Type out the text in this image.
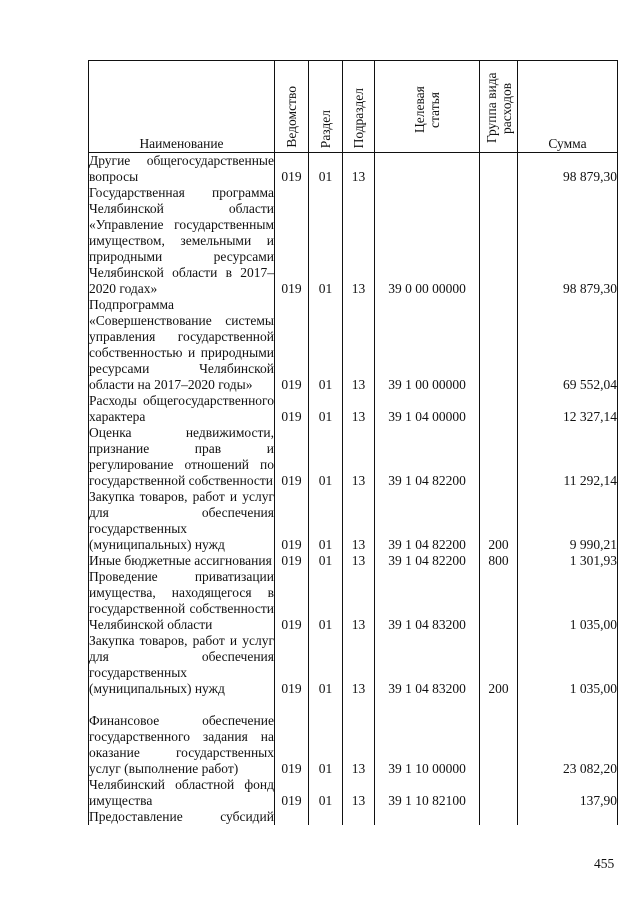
Наименование	Ведомство	Раздел	Подраздел	Целевая статья	Группа вида расходов	Сумма
Другие общегосударственные вопросы	019	01	13			98 879,30
Государственная программа Челябинской области «Управление государственным имуществом, земельными и природными ресурсами Челябинской области в 2017–2020 годах»	019	01	13	39 0 00 00000		98 879,30
Подпрограмма «Совершенствование системы управления государственной собственностью и природными ресурсами Челябинской области на 2017–2020 годы»	019	01	13	39 1 00 00000		69 552,04
Расходы общегосударственного характера	019	01	13	39 1 04 00000		12 327,14
Оценка недвижимости, признание прав и регулирование отношений по государственной собственности	019	01	13	39 1 04 82200		11 292,14
Закупка товаров, работ и услуг для обеспечения государственных (муниципальных) нужд	019	01	13	39 1 04 82200	200	9 990,21
Иные бюджетные ассигнования	019	01	13	39 1 04 82200	800	1 301,93
Проведение приватизации имущества, находящегося в государственной собственности Челябинской области	019	01	13	39 1 04 83200		1 035,00
Закупка товаров, работ и услуг для обеспечения государственных (муниципальных) нужд	019	01	13	39 1 04 83200	200	1 035,00
Финансовое обеспечение государственного задания на оказание государственных услуг (выполнение работ)	019	01	13	39 1 10 00000		23 082,20
Челябинский областной фонд имущества	019	01	13	39 1 10 82100		137,90
Предоставление субсидий						
455
